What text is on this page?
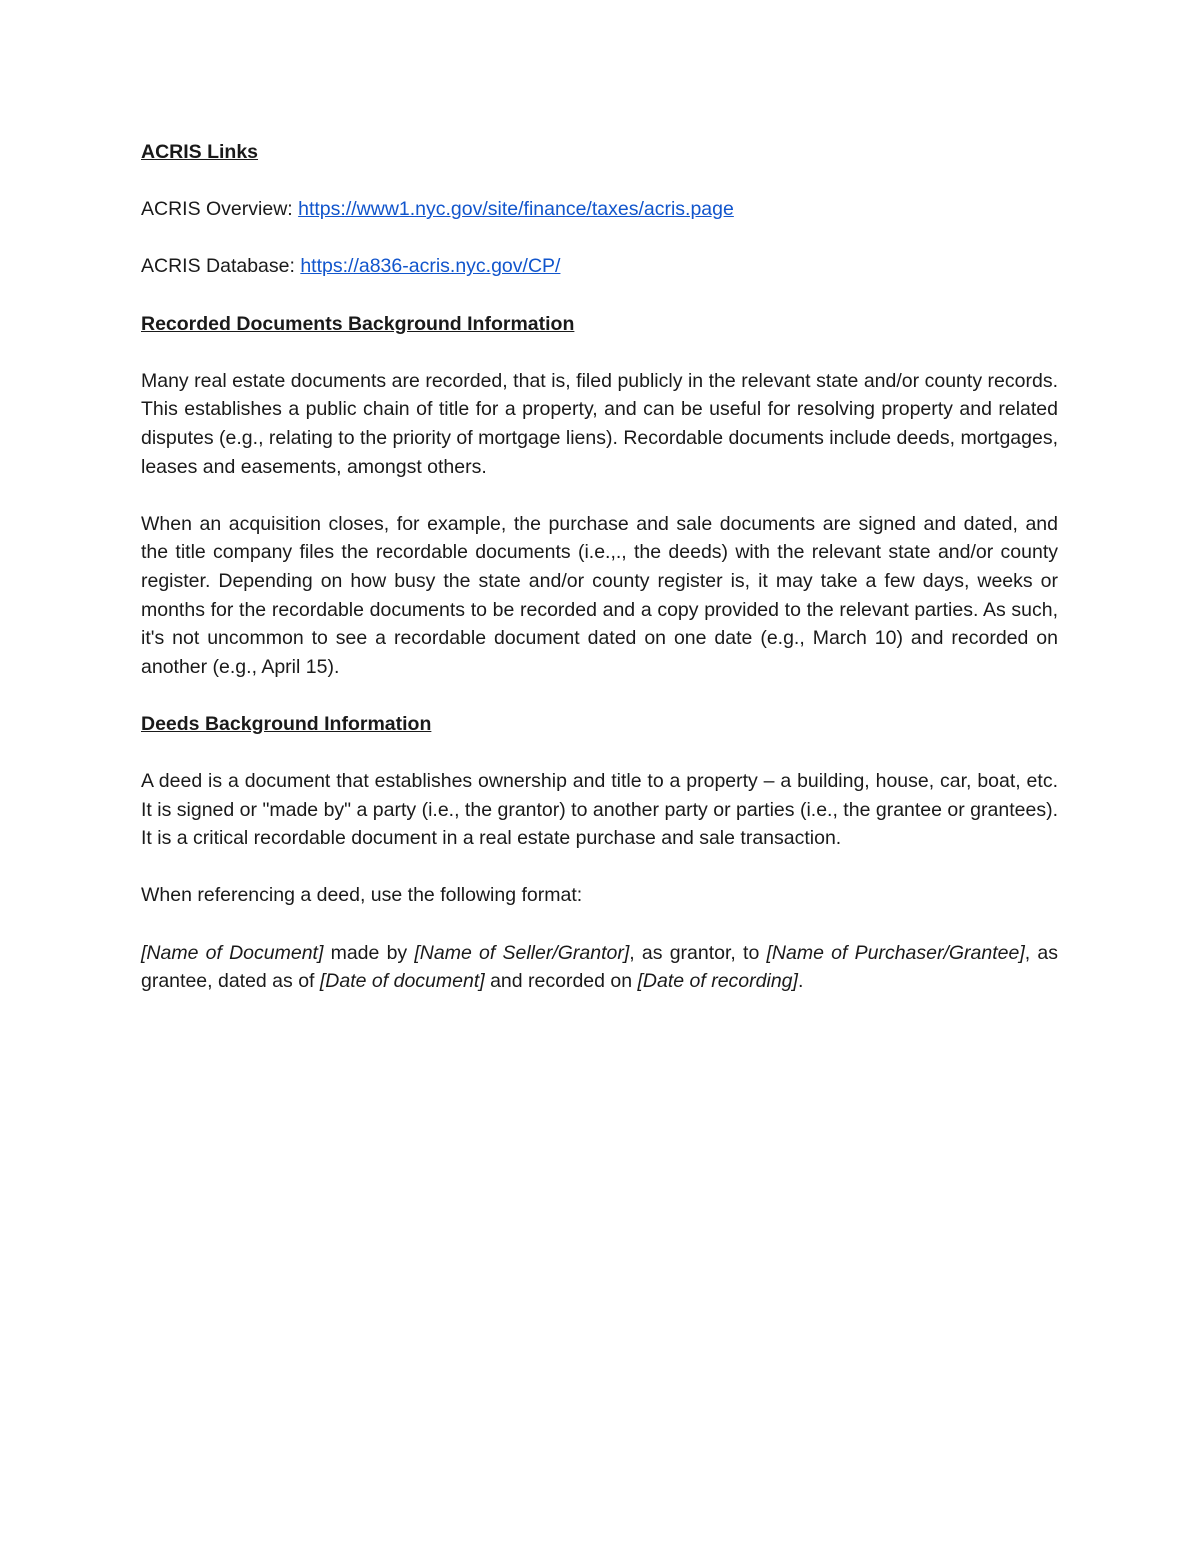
ACRIS Links

ACRIS Overview: https://www1.nyc.gov/site/finance/taxes/acris.page

ACRIS Database: https://a836-acris.nyc.gov/CP/

Recorded Documents Background Information

Many real estate documents are recorded, that is, filed publicly in the relevant state and/or county records. This establishes a public chain of title for a property, and can be useful for resolving property and related disputes (e.g., relating to the priority of mortgage liens). Recordable documents include deeds, mortgages, leases and easements, amongst others.

When an acquisition closes, for example, the purchase and sale documents are signed and dated, and the title company files the recordable documents (i.e.,., the deeds) with the relevant state and/or county register. Depending on how busy the state and/or county register is, it may take a few days, weeks or months for the recordable documents to be recorded and a copy provided to the relevant parties. As such, it's not uncommon to see a recordable document dated on one date (e.g., March 10) and recorded on another (e.g., April 15).

Deeds Background Information

A deed is a document that establishes ownership and title to a property – a building, house, car, boat, etc. It is signed or "made by" a party (i.e., the grantor) to another party or parties (i.e., the grantee or grantees). It is a critical recordable document in a real estate purchase and sale transaction.

When referencing a deed, use the following format:

[Name of Document] made by [Name of Seller/Grantor], as grantor, to [Name of Purchaser/Grantee], as grantee, dated as of [Date of document] and recorded on [Date of recording].
